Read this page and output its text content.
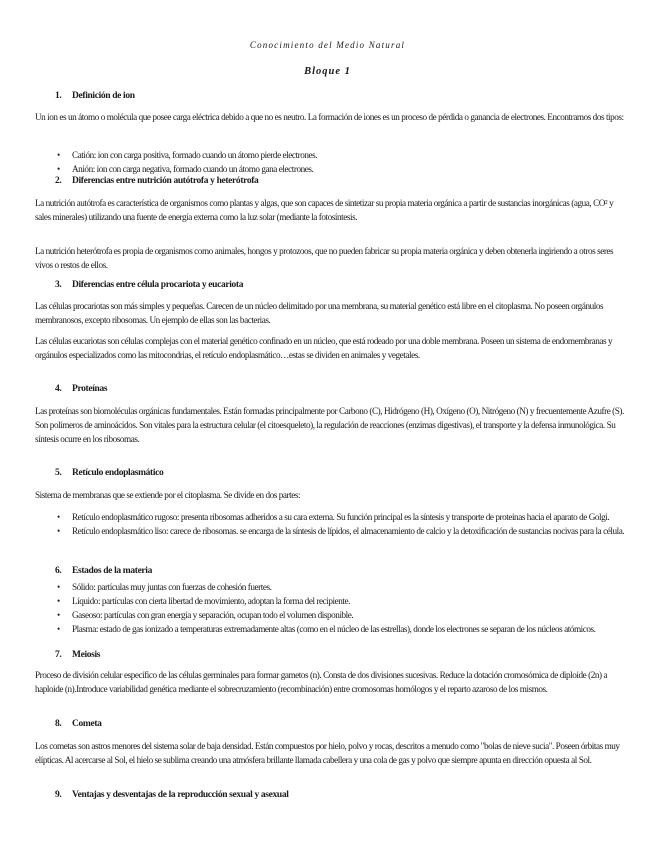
Conocimiento del Medio Natural
Bloque 1
1. Definición de ion

Un ion es un átomo o molécula que posee carga eléctrica debido a que no es neutro. La formación de iones es un proceso de pérdida o ganancia de electrones. Encontramos dos tipos:

• Catión: ion con carga positiva, formado cuando un átomo pierde electrones.
• Anión: ion con carga negativa, formado cuando un átomo gana electrones.
2. Diferencias entre nutrición autótrofa y heterótrofa

La nutrición autótrofa es característica de organismos como plantas y algas, que son capaces de sintetizar su propia materia orgánica a partir de sustancias inorgánicas (agua, CO² y sales minerales) utilizando una fuente de energía externa como la luz solar (mediante la fotosíntesis.

La nutrición heterótrofa es propia de organismos como animales, hongos y protozoos, que no pueden fabricar su propia materia orgánica y deben obtenerla ingiriendo a otros seres vivos o restos de ellos.

3. Diferencias entre célula procariota y eucariota

Las células procariotas son más simples y pequeñas. Carecen de un núcleo delimitado por una membrana, su material genético está libre en el citoplasma. No poseen orgánulos membranosos, excepto ribosomas. Un ejemplo de ellas son las bacterias.

Las células eucariotas son células complejas con el material genético confinado en un núcleo, que está rodeado por una doble membrana. Poseen un sistema de endomembranas y orgánulos especializados como las mitocondrias, el retículo endoplasmático…estas se dividen en animales y vegetales.

4. Proteínas

Las proteínas son biomoléculas orgánicas fundamentales. Están formadas principalmente por Carbono (C), Hidrógeno (H), Oxígeno (O), Nitrógeno (N) y frecuentemente Azufre (S). Son polímeros de aminoácidos. Son vitales para la estructura celular (el citoesqueleto), la regulación de reacciones (enzimas digestivas), el transporte y la defensa inmunológica. Su síntesis ocurre en los ribosomas.

5. Retículo endoplasmático

Sistema de membranas que se extiende por el citoplasma. Se divide en dos partes:

• Retículo endoplasmático rugoso: presenta ribosomas adheridos a su cara externa. Su función principal es la síntesis y transporte de proteínas hacia el aparato de Golgi.
• Retículo endoplasmático liso: carece de ribosomas. se encarga de la síntesis de lípidos, el almacenamiento de calcio y la detoxificación de sustancias nocivas para la célula.
6. Estados de la materia
• Sólido: partículas muy juntas con fuerzas de cohesión fuertes.
• Líquido: partículas con cierta libertad de movimiento, adoptan la forma del recipiente.
• Gaseoso: partículas con gran energía y separación, ocupan todo el volumen disponible.
• Plasma: estado de gas ionizado a temperaturas extremadamente altas (como en el núcleo de las estrellas), donde los electrones se separan de los núcleos atómicos.
7. Meiosis

Proceso de división celular específico de las células germinales para formar gametos (n). Consta de dos divisiones sucesivas. Reduce la dotación cromosómica de diploide (2n) a haploide (n).Introduce variabilidad genética mediante el sobrecruzamiento (recombinación) entre cromosomas homólogos y el reparto azaroso de los mismos.

8. Cometa

Los cometas son astros menores del sistema solar de baja densidad. Están compuestos por hielo, polvo y rocas, descritos a menudo como "bolas de nieve sucia". Poseen órbitas muy elípticas. Al acercarse al Sol, el hielo se sublima creando una atmósfera brillante llamada cabellera y una cola de gas y polvo que siempre apunta en dirección opuesta al Sol.

9. Ventajas y desventajas de la reproducción sexual y asexual
